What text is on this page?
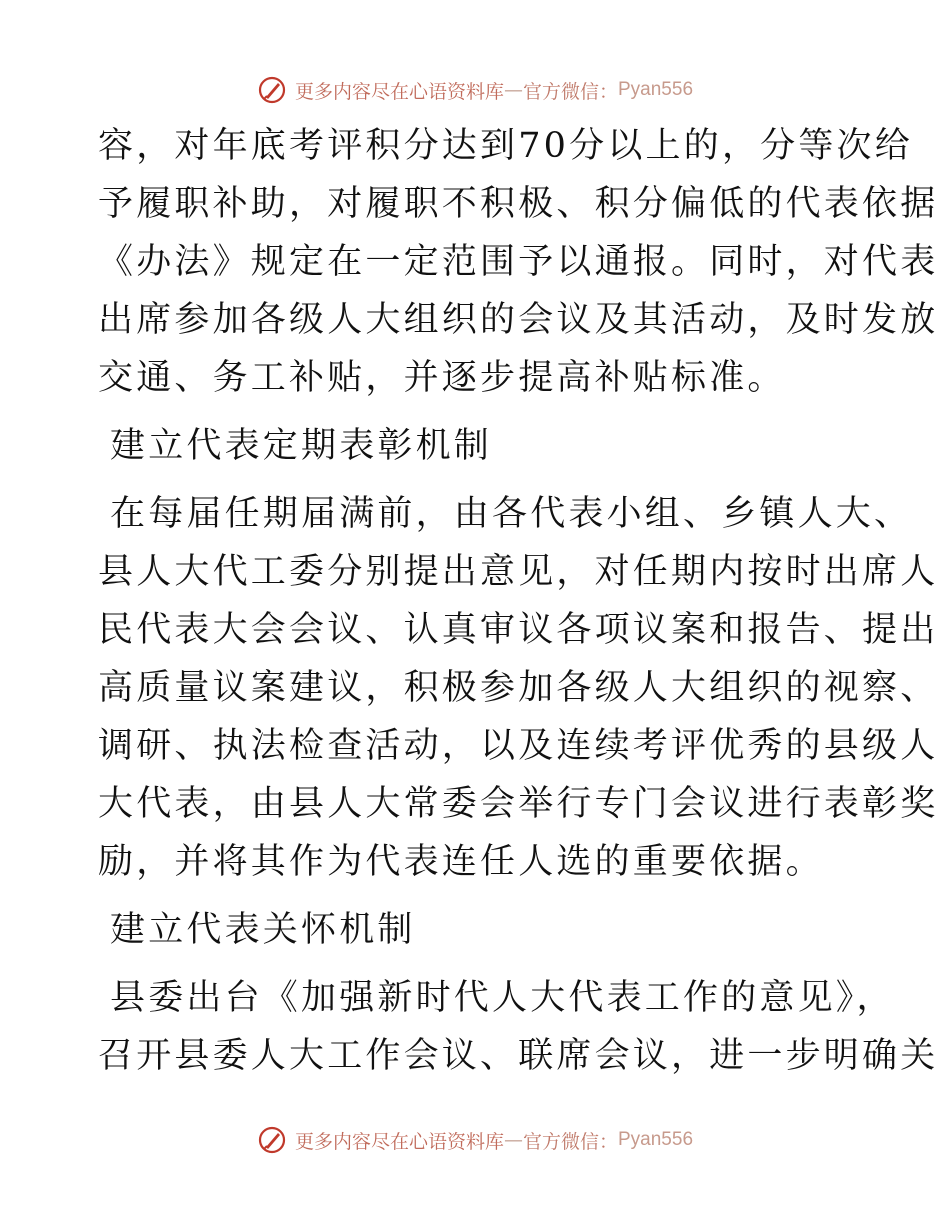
更多内容尽在心语资料库 — 官方微信： Pyan556
容，对年底考评积分达到70分以上的，分等次给
予履职补助，对履职不积极、积分偏低的代表依据
《办法》规定在一定范围予以通报。同时，对代表
出席参加各级人大组织的会议及其活动，及时发放
交通、务工补贴，并逐步提高补贴标准。
建立代表定期表彰机制
在每届任期届满前，由各代表小组、乡镇人大、
县人大代工委分别提出意见，对任期内按时出席人
民代表大会会议、认真审议各项议案和报告、提出
高质量议案建议，积极参加各级人大组织的视察、
调研、执法检查活动，以及连续考评优秀的县级人
大代表，由县人大常委会举行专门会议进行表彰奖
励，并将其作为代表连任人选的重要依据。
建立代表关怀机制
县委出台《加强新时代人大代表工作的意见》，
召开县委人大工作会议、联席会议，进一步明确关
更多内容尽在心语资料库 — 官方微信： Pyan556
